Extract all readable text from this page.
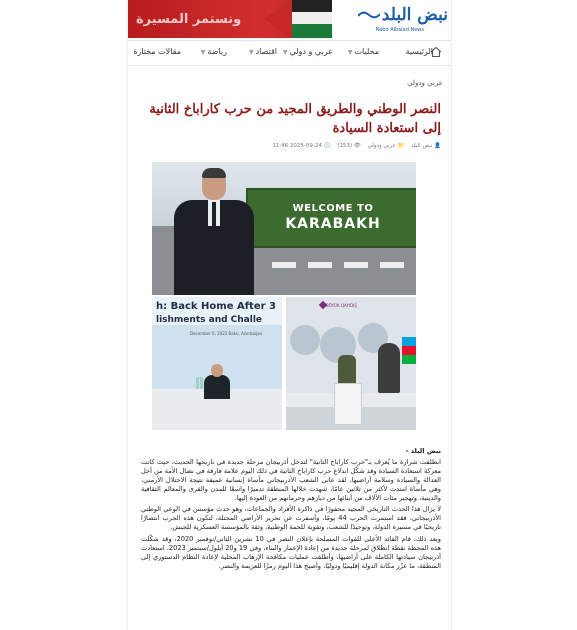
ونستمر المسيرة	نبض البلد
Nabd Albalad News
الرئيسية
▼ محليات
▼ عربي و دولي
▼ اقتصاد
▼ رياضة
مقالات مختارة
عربي ودولي
النصر الوطني والطريق المجيد من حرب كاراباخ الثانية إلى استعادة السيادة
👤 نبض البلد 📁 عربي ودولي 👁 (153) 🕒 24-09-2025 11:46
WELCOME TO
KARABAKH
h: Back Home After 3
lishments and Challe
December 6, 2023 Baku, Azerbaijan
BÖYÜK QAYIDIŞ

نبض البلد -

انطلقت شرارة ما يُعرف بـ"حرب كاراباخ الثانية" لتدخل أذربيجان مرحلة جديدة في تاريخها الحديث، حيث كانت معركة استعادة السيادة وقد شكّل اندلاع حرب كاراباخ الثانية في ذلك اليوم علامة فارقة في نضال الأمة من أجل العدالة والسيادة وسلامة أراضيها. لقد عانى الشعب الأذربيجاني مأساة إنسانية عميقة نتيجة الاحتلال الأرمني، وهي مأساة امتدت لأكثر من ثلاثين عامًا، شهدت خلالها المنطقة تدميرًا واسعًا للمدن والقرى والمعالم الثقافية والدينية، وتهجير مئات الآلاف من أبنائها من ديارهم وحرمانهم من العودة إليها.

لا يزال هذا الحدث التاريخي المجيد محفورًا في ذاكرة الأفراد والجماعات، وهو حدث مؤسس في الوعي الوطني الأذربيجاني، فقد استمرت الحرب 44 يومًا، وأسفرت عن تحرير الأراضي المحتلة، لتكون هذه الحرب انتصارًا تاريخيًا في مسيرة الدولة، وتوحيدًا للشعب، وتقوية للحمة الوطنية، وثقة بالمؤسسة العسكرية للجيش.

وبعد ذلك، قام القائد الأعلى للقوات المسلحة بإعلان النصر في 10 تشرين الثاني/نوفمبر 2020، وقد شكّلت هذه المحطة نقطة انطلاق لمرحلة جديدة من إعادة الإعمار والبناء، وفي 19 و20 أيلول/سبتمبر 2023، استعادت أذربيجان سيادتها الكاملة على أراضيها، وأطلقت عمليات مكافحة الإرهاب المحلية لإعادة النظام الدستوري إلى المنطقة، ما عزّز مكانة الدولة إقليميًا ودوليًا، وأصبح هذا اليوم رمزًا للعزيمة والنصر.
